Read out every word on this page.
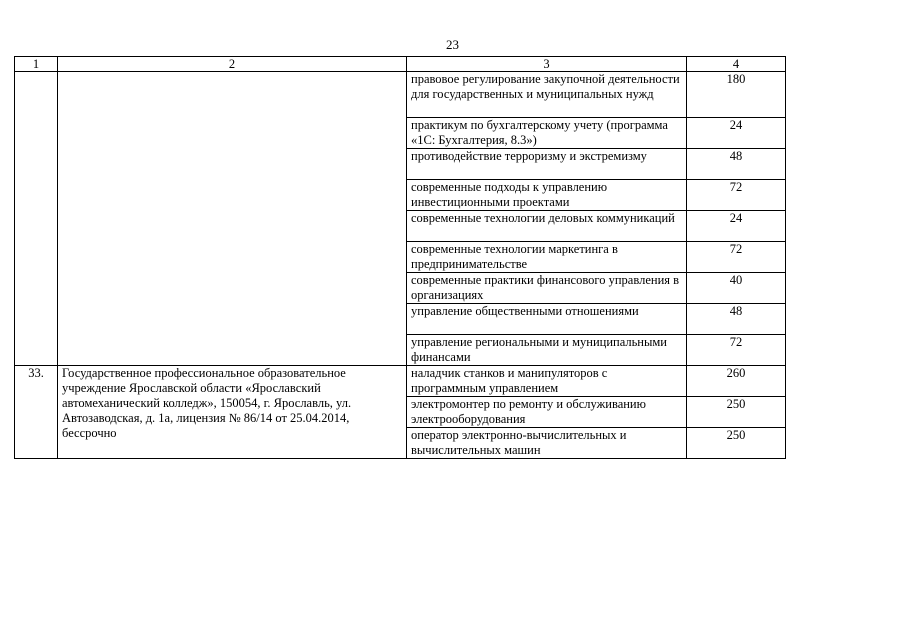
23
1	2	3	4
		правовое регулирование закупочной деятельности для государственных и муниципальных нужд	180
		практикум по бухгалтерскому учету (программа «1С: Бухгалтерия, 8.3»)	24
		противодействие терроризму и экстремизму	48
		современные подходы к управлению инвестиционными проектами	72
		современные технологии деловых коммуникаций	24
		современные технологии маркетинга в предпринимательстве	72
		современные практики финансового управления в организациях	40
		управление общественными отношениями	48
		управление региональными и муниципальными финансами	72
33.	Государственное профессиональное образовательное учреждение Ярославской области «Ярославский автомеханический колледж», 150054, г. Ярославль, ул. Автозаводская, д. 1а, лицензия № 86/14 от 25.04.2014, бессрочно	наладчик станков и манипуляторов с программным управлением	260
		электромонтер по ремонту и обслуживанию электрооборудования	250
		оператор электронно-вычислительных и вычислительных машин	250
